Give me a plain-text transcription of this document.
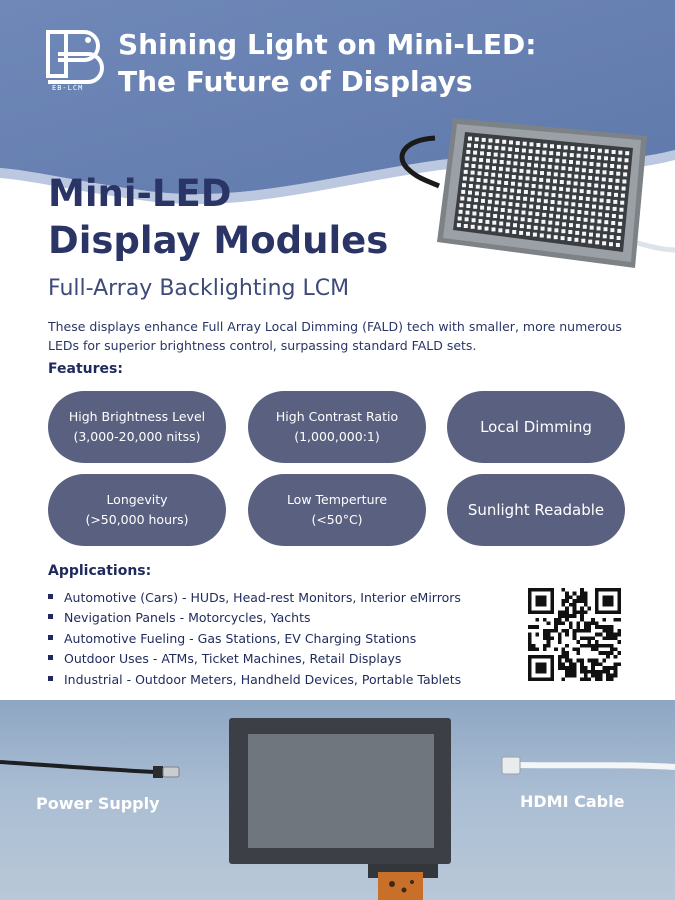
EB-LCM
Shining Light on Mini-LED:
The Future of Displays
Mini-LED
Display Modules
Full-Array Backlighting LCM
These displays enhance Full Array Local Dimming (FALD) tech with smaller, more numerous LEDs for superior brightness control, surpassing standard FALD sets.
Features:
High Brightness Level
(3,000-20,000 nitss)
High Contrast Ratio
(1,000,000:1)
Local Dimming
Longevity
(>50,000 hours)
Low Temperture
(<50°C)
Sunlight Readable
Applications:
Automotive (Cars) - HUDs, Head-rest Monitors, Interior eMirrors
Nevigation Panels - Motorcycles, Yachts
Automotive Fueling - Gas Stations, EV Charging Stations
Outdoor Uses - ATMs, Ticket Machines, Retail Displays
Industrial - Outdoor Meters, Handheld Devices, Portable Tablets
Power Supply	HDMI Cable
